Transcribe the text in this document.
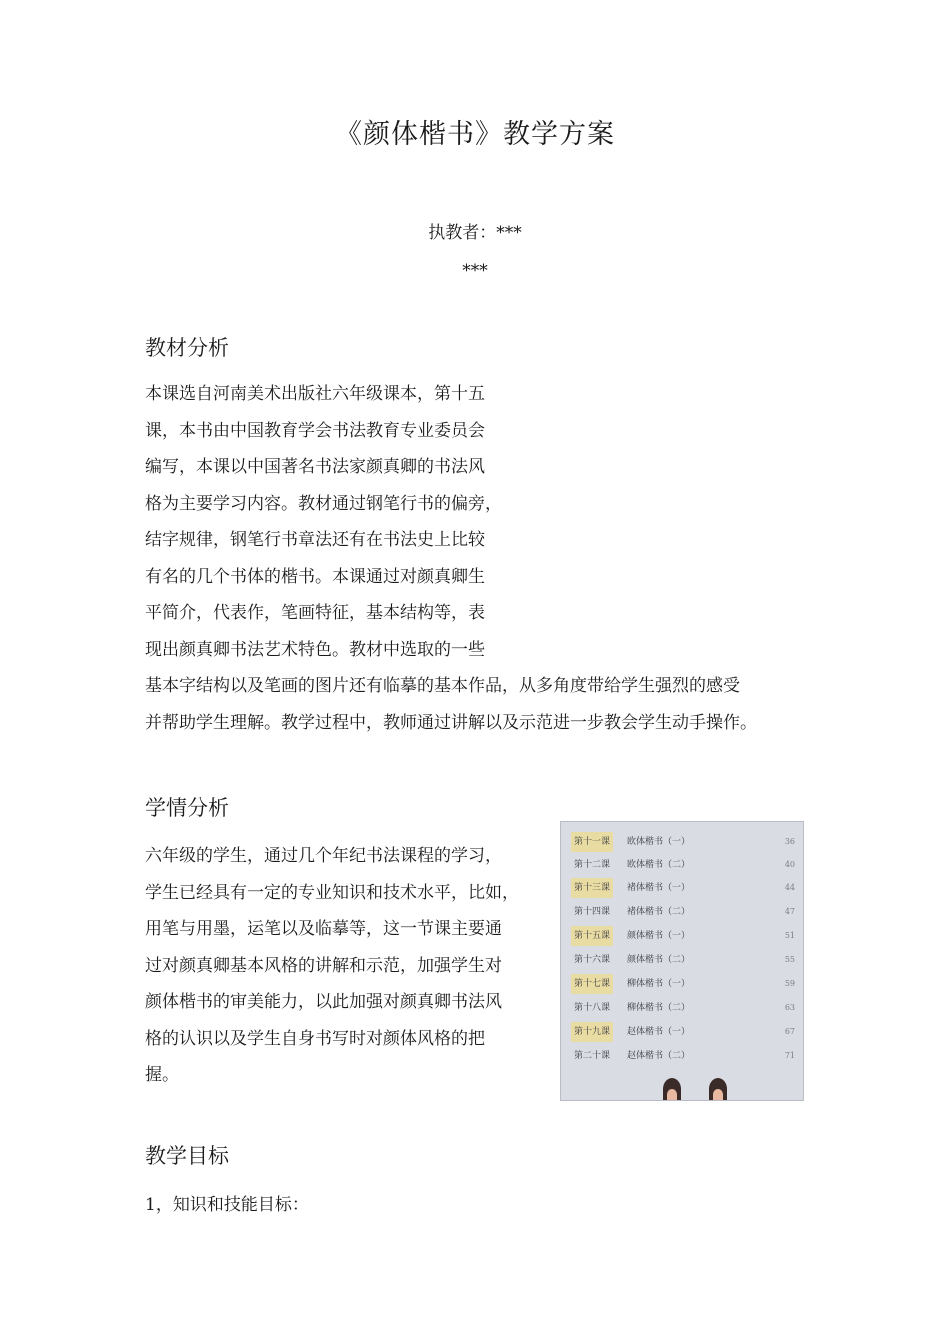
《颜体楷书》教学方案
执教者：***
***
教材分析
本课选自河南美术出版社六年级课本，第十五
课，本书由中国教育学会书法教育专业委员会
编写，本课以中国著名书法家颜真卿的书法风
格为主要学习内容。教材通过钢笔行书的偏旁，
结字规律，钢笔行书章法还有在书法史上比较
有名的几个书体的楷书。本课通过对颜真卿生
平简介，代表作，笔画特征，基本结构等，表
现出颜真卿书法艺术特色。教材中选取的一些
基本字结构以及笔画的图片还有临摹的基本作品，从多角度带给学生强烈的感受
并帮助学生理解。教学过程中，教师通过讲解以及示范进一步教会学生动手操作。
学情分析
六年级的学生，通过几个年纪书法课程的学习，
学生已经具有一定的专业知识和技术水平，比如，
用笔与用墨，运笔以及临摹等，这一节课主要通
过对颜真卿基本风格的讲解和示范，加强学生对
颜体楷书的审美能力，以此加强对颜真卿书法风
格的认识以及学生自身书写时对颜体风格的把
握。
第十一课	欧体楷书（一）	36
第十二课	欧体楷书（二）	40
第十三课	褚体楷书（一）	44
第十四课	褚体楷书（二）	47
第十五课	颜体楷书（一）	51
第十六课	颜体楷书（二）	55
第十七课	柳体楷书（一）	59
第十八课	柳体楷书（二）	63
第十九课	赵体楷书（一）	67
第二十课	赵体楷书（二）	71
教学目标
1，知识和技能目标：
